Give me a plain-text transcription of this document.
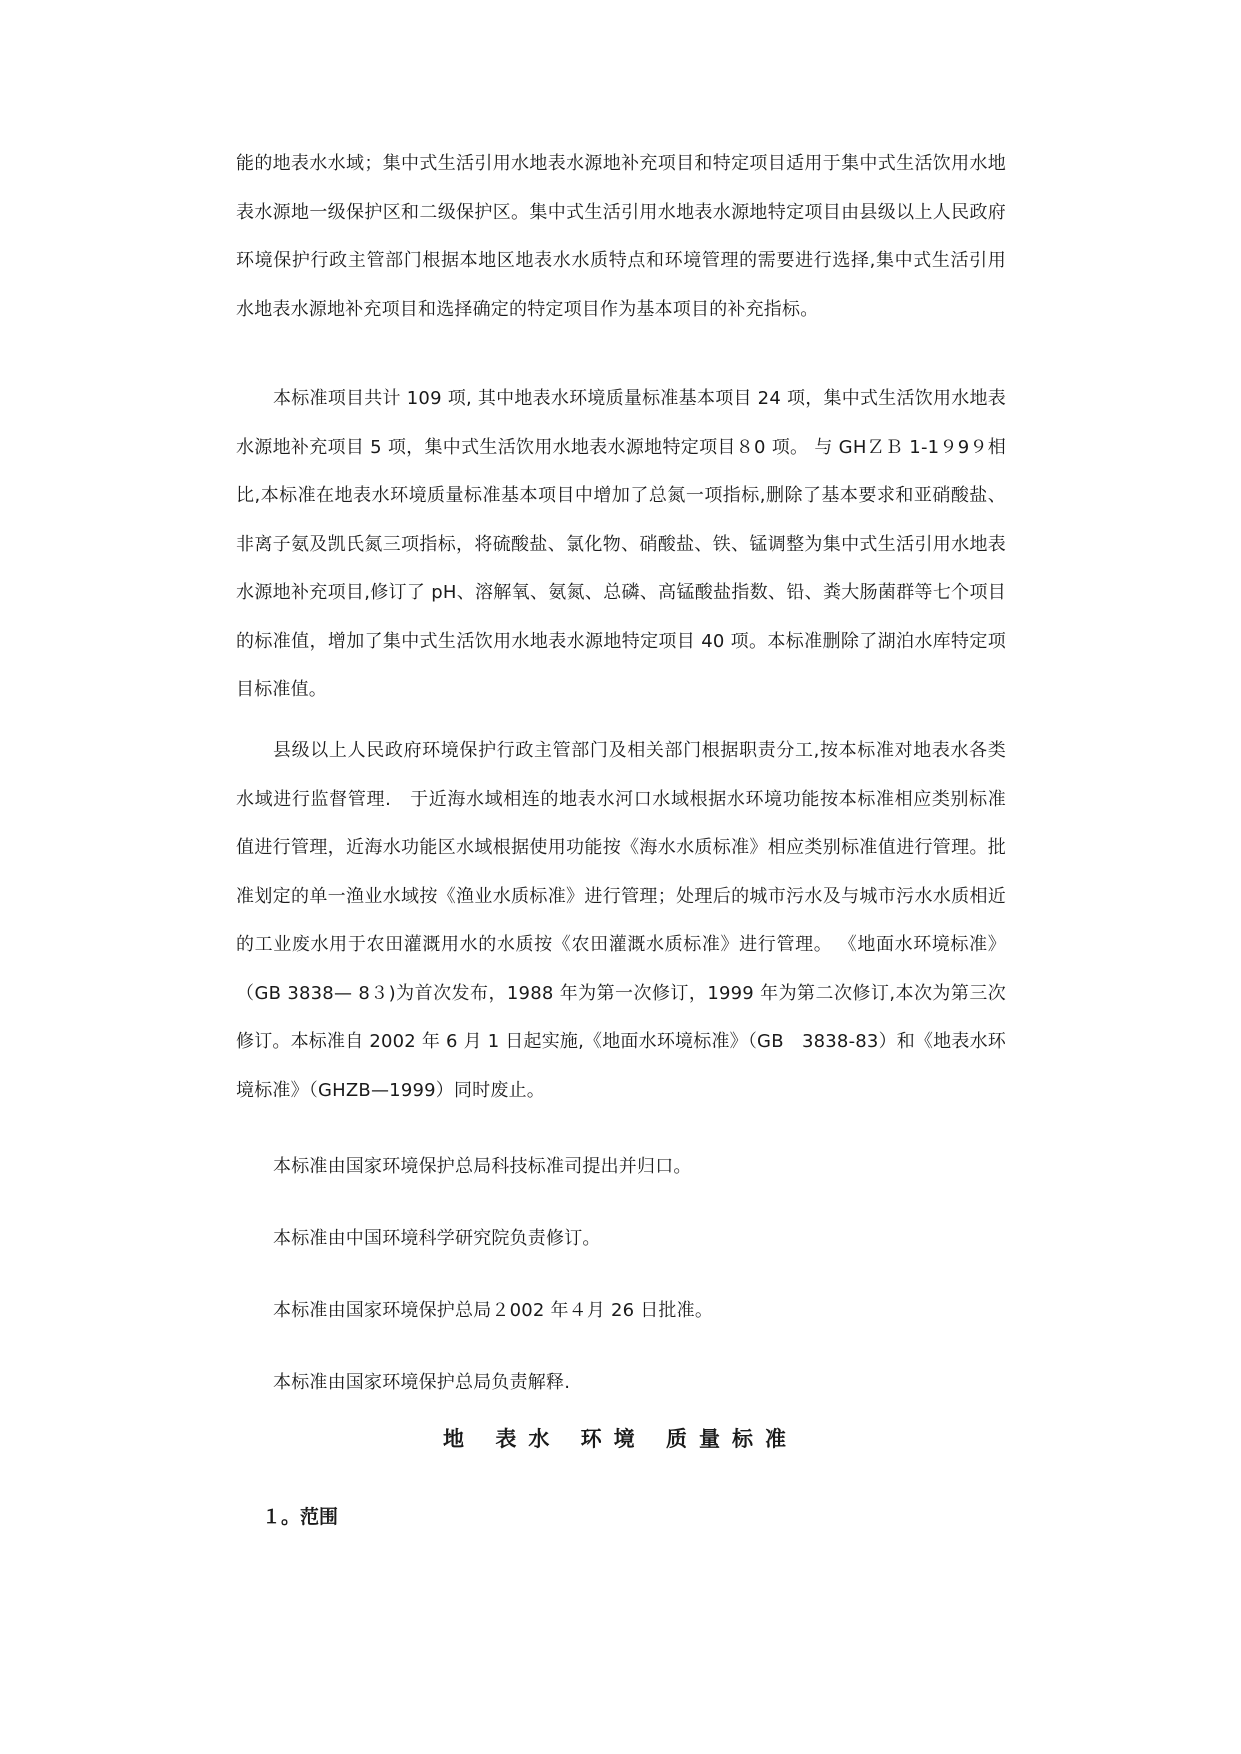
能的地表水水域；集中式生活引用水地表水源地补充项目和特定项目适用于集中式生活饮用水地表水源地一级保护区和二级保护区。集中式生活引用水地表水源地特定项目由县级以上人民政府环境保护行政主管部门根据本地区地表水水质特点和环境管理的需要进行选择,集中式生活引用水地表水源地补充项目和选择确定的特定项目作为基本项目的补充指标。

本标准项目共计 109 项, 其中地表水环境质量标准基本项目 24 项，集中式生活饮用水地表水源地补充项目 5 项，集中式生活饮用水地表水源地特定项目８0 项。 与 GHＺＢ 1-1９9９相比,本标准在地表水环境质量标准基本项目中增加了总氮一项指标,删除了基本要求和亚硝酸盐、非离子氨及凯氏氮三项指标，将硫酸盐、氯化物、硝酸盐、铁、锰调整为集中式生活引用水地表水源地补充项目,修订了 pH、溶解氧、氨氮、总磷、高锰酸盐指数、铅、粪大肠菌群等七个项目的标准值，增加了集中式生活饮用水地表水源地特定项目 40 项。本标准删除了湖泊水库特定项目标准值。

县级以上人民政府环境保护行政主管部门及相关部门根据职责分工,按本标准对地表水各类水域进行监督管理.　于近海水域相连的地表水河口水域根据水环境功能按本标准相应类别标准值进行管理，近海水功能区水域根据使用功能按《海水水质标准》相应类别标准值进行管理。批准划定的单一渔业水域按《渔业水质标准》进行管理；处理后的城市污水及与城市污水水质相近的工业废水用于农田灌溉用水的水质按《农田灌溉水质标准》进行管理。 《地面水环境标准》（GB 3838— 8３)为首次发布，1988 年为第一次修订，1999 年为第二次修订,本次为第三次修订。本标准自 2002 年 6 月 1 日起实施,《地面水环境标准》（GB　3838-83）和《地表水环境标准》（GHZB—1999）同时废止。

本标准由国家环境保护总局科技标准司提出并归口。

本标准由中国环境科学研究院负责修订。

本标准由国家环境保护总局２002 年４月 26 日批准。

本标准由国家环境保护总局负责解释.

地 表水 环境 质量标准
１。范围
